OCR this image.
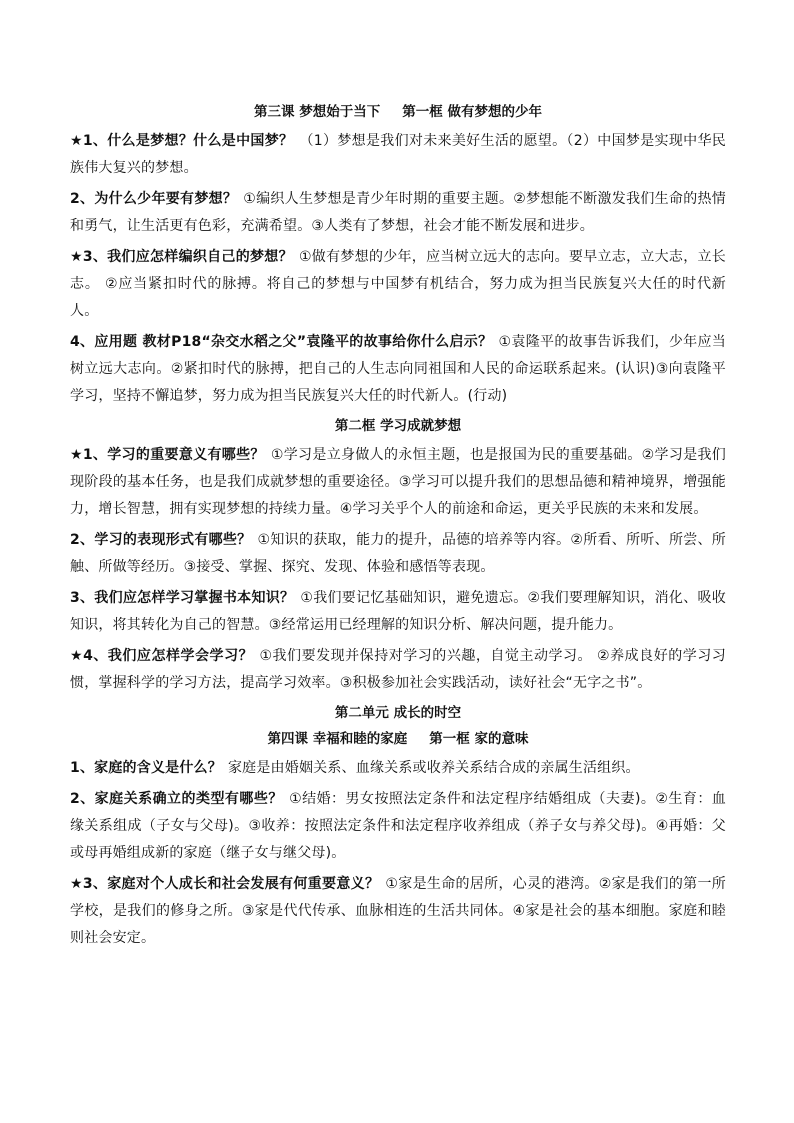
第三课 梦想始于当下 第一框 做有梦想的少年

★1、什么是梦想？什么是中国梦？ （1）梦想是我们对未来美好生活的愿望。（2）中国梦是实现中华民族伟大复兴的梦想。

2、为什么少年要有梦想？ ①编织人生梦想是青少年时期的重要主题。②梦想能不断激发我们生命的热情和勇气，让生活更有色彩，充满希望。③人类有了梦想，社会才能不断发展和进步。

★3、我们应怎样编织自己的梦想？ ①做有梦想的少年，应当树立远大的志向。要早立志，立大志，立长志。 ②应当紧扣时代的脉搏。将自己的梦想与中国梦有机结合，努力成为担当民族复兴大任的时代新人。

4、应用题 教材P18“杂交水稻之父”袁隆平的故事给你什么启示？ ①袁隆平的故事告诉我们，少年应当树立远大志向。②紧扣时代的脉搏，把自己的人生志向同祖国和人民的命运联系起来。(认识)③向袁隆平学习，坚持不懈追梦，努力成为担当民族复兴大任的时代新人。(行动)

第二框 学习成就梦想

★1、学习的重要意义有哪些？ ①学习是立身做人的永恒主题，也是报国为民的重要基础。②学习是我们现阶段的基本任务，也是我们成就梦想的重要途径。③学习可以提升我们的思想品德和精神境界，增强能力，增长智慧，拥有实现梦想的持续力量。④学习关乎个人的前途和命运，更关乎民族的未来和发展。

2、学习的表现形式有哪些？ ①知识的获取，能力的提升，品德的培养等内容。②所看、所听、所尝、所触、所做等经历。③接受、掌握、探究、发现、体验和感悟等表现。

3、我们应怎样学习掌握书本知识？ ①我们要记忆基础知识，避免遗忘。②我们要理解知识，消化、吸收知识，将其转化为自己的智慧。③经常运用已经理解的知识分析、解决问题，提升能力。

★4、我们应怎样学会学习？ ①我们要发现并保持对学习的兴趣，自觉主动学习。 ②养成良好的学习习惯，掌握科学的学习方法，提高学习效率。③积极参加社会实践活动，读好社会“无字之书”。

第二单元 成长的时空
第四课 幸福和睦的家庭 第一框 家的意味

1、家庭的含义是什么？ 家庭是由婚姻关系、血缘关系或收养关系结合成的亲属生活组织。

2、家庭关系确立的类型有哪些？ ①结婚：男女按照法定条件和法定程序结婚组成（夫妻)。②生育：血缘关系组成（子女与父母)。③收养：按照法定条件和法定程序收养组成（养子女与养父母)。④再婚：父或母再婚组成新的家庭（继子女与继父母)。

★3、家庭对个人成长和社会发展有何重要意义？ ①家是生命的居所，心灵的港湾。②家是我们的第一所学校，是我们的修身之所。③家是代代传承、血脉相连的生活共同体。④家是社会的基本细胞。家庭和睦则社会安定。
